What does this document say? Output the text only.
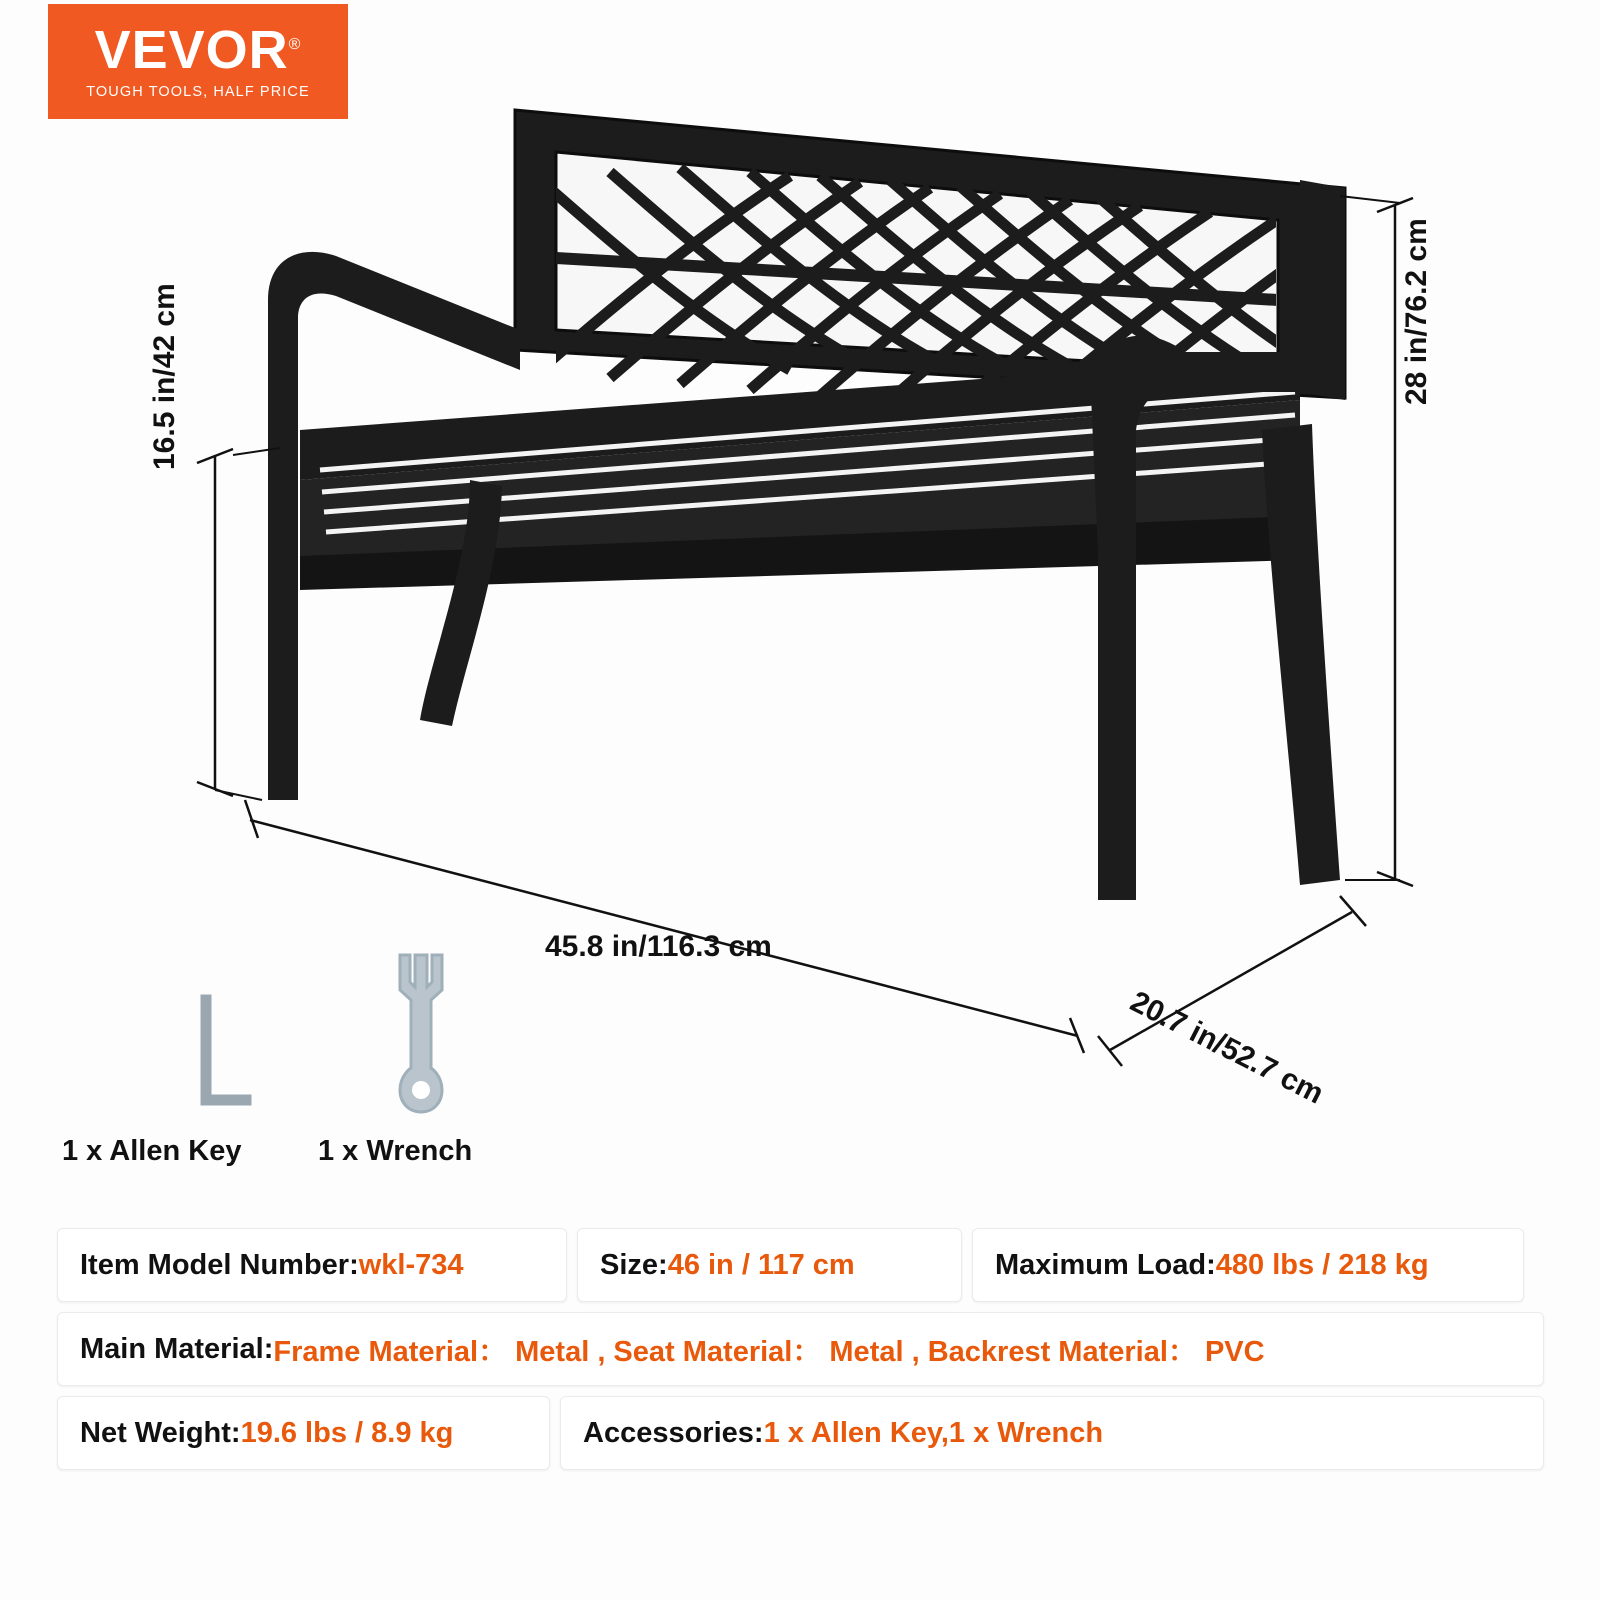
VEVOR®
TOUGH TOOLS, HALF PRICE
16.5 in/42 cm	28 in/76.2 cm
45.8 in/116.3 cm
20.7 in/52.7 cm
1 x Allen Key	1 x Wrench
Item Model Number: wkl-734	Size: 46 in / 117 cm	Maximum Load: 480 lbs / 218 kg
Main Material: Frame Material： Metal , Seat Material： Metal , Backrest Material： PVC
Net Weight: 19.6 lbs / 8.9 kg	Accessories: 1 x Allen Key,1 x Wrench
